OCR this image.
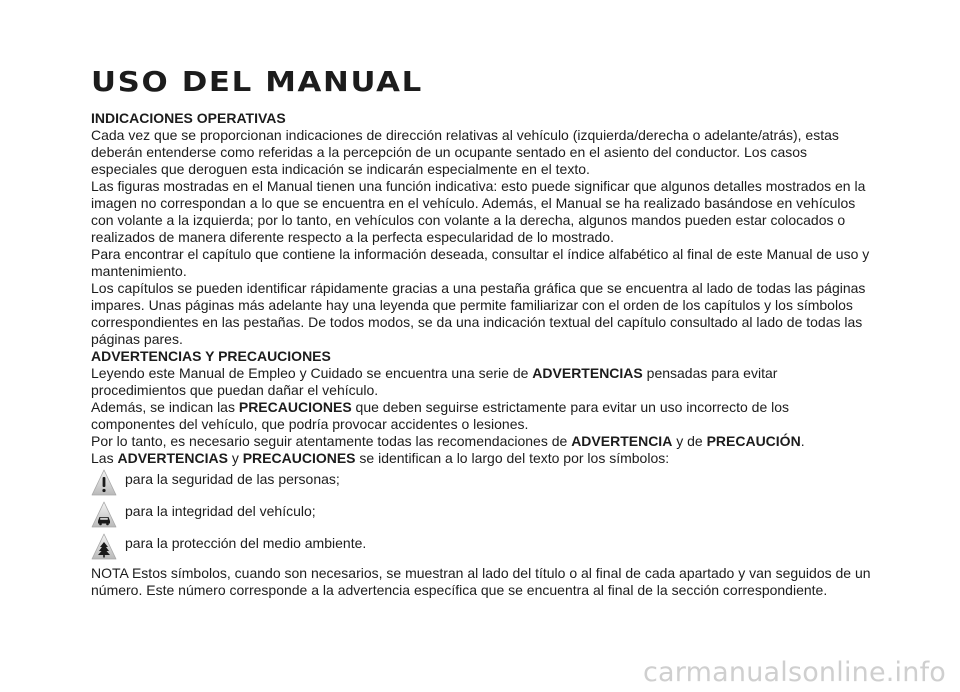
USO DEL MANUAL
INDICACIONES OPERATIVAS

Cada vez que se proporcionan indicaciones de dirección relativas al vehículo (izquierda/derecha o adelante/atrás), estas deberán entenderse como referidas a la percepción de un ocupante sentado en el asiento del conductor. Los casos especiales que deroguen esta indicación se indicarán especialmente en el texto.

Las figuras mostradas en el Manual tienen una función indicativa: esto puede significar que algunos detalles mostrados en la imagen no correspondan a lo que se encuentra en el vehículo. Además, el Manual se ha realizado basándose en vehículos con volante a la izquierda; por lo tanto, en vehículos con volante a la derecha, algunos mandos pueden estar colocados o realizados de manera diferente respecto a la perfecta especularidad de lo mostrado.

Para encontrar el capítulo que contiene la información deseada, consultar el índice alfabético al final de este Manual de uso y mantenimiento.

Los capítulos se pueden identificar rápidamente gracias a una pestaña gráfica que se encuentra al lado de todas las páginas impares. Unas páginas más adelante hay una leyenda que permite familiarizar con el orden de los capítulos y los símbolos correspondientes en las pestañas. De todos modos, se da una indicación textual del capítulo consultado al lado de todas las páginas pares.

ADVERTENCIAS Y PRECAUCIONES

Leyendo este Manual de Empleo y Cuidado se encuentra una serie de ADVERTENCIAS pensadas para evitar procedimientos que puedan dañar el vehículo.

Además, se indican las PRECAUCIONES que deben seguirse estrictamente para evitar un uso incorrecto de los componentes del vehículo, que podría provocar accidentes o lesiones.

Por lo tanto, es necesario seguir atentamente todas las recomendaciones de ADVERTENCIA y de PRECAUCIÓN.

Las ADVERTENCIAS y PRECAUCIONES se identifican a lo largo del texto por los símbolos:

para la seguridad de las personas;
para la integridad del vehículo;
para la protección del medio ambiente.

NOTA Estos símbolos, cuando son necesarios, se muestran al lado del título o al final de cada apartado y van seguidos de un número. Este número corresponde a la advertencia específica que se encuentra al final de la sección correspondiente.

carmanualsonline.info
